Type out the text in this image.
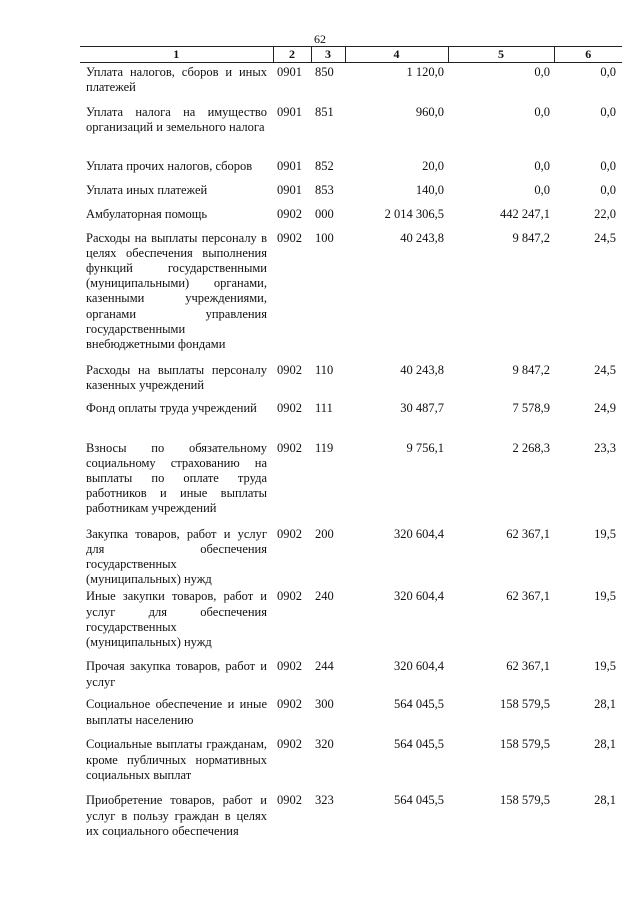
62
1	2	3	4	5	6
Уплата налогов, сборов и иных платежей	0901	850	1 120,0	0,0	0,0
Уплата налога на имущество организаций и земельного налога	0901	851	960,0	0,0	0,0
Уплата прочих налогов, сборов	0901	852	20,0	0,0	0,0
Уплата иных платежей	0901	853	140,0	0,0	0,0
Амбулаторная помощь	0902	000	2 014 306,5	442 247,1	22,0
Расходы на выплаты персоналу в целях обеспечения выполнения функций государственными (муниципальными) органами, казенными учреждениями, органами управления государственными внебюджетными фондами	0902	100	40 243,8	9 847,2	24,5
Расходы на выплаты персоналу казенных учреждений	0902	110	40 243,8	9 847,2	24,5
Фонд оплаты труда учреждений	0902	111	30 487,7	7 578,9	24,9
Взносы по обязательному социальному страхованию на выплаты по оплате труда работников и иные выплаты работникам учреждений	0902	119	9 756,1	2 268,3	23,3
Закупка товаров, работ и услуг для обеспечения государственных (муниципальных) нужд	0902	200	320 604,4	62 367,1	19,5
Иные закупки товаров, работ и услуг для обеспечения государственных (муниципальных) нужд	0902	240	320 604,4	62 367,1	19,5
Прочая закупка товаров, работ и услуг	0902	244	320 604,4	62 367,1	19,5
Социальное обеспечение и иные выплаты населению	0902	300	564 045,5	158 579,5	28,1
Социальные выплаты гражданам, кроме публичных нормативных социальных выплат	0902	320	564 045,5	158 579,5	28,1
Приобретение товаров, работ и услуг в пользу граждан в целях их социального обеспечения	0902	323	564 045,5	158 579,5	28,1
